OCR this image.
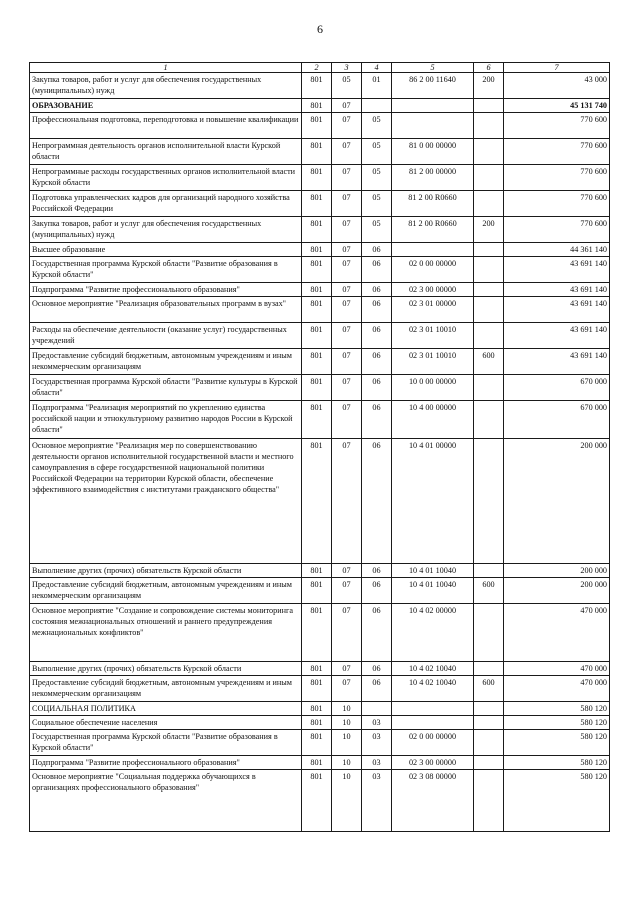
6
1	2	3	4	5	6	7
Закупка товаров, работ и услуг для обеспечения государственных (муниципальных) нужд	801	05	01	86 2 00 11640	200	43 000
ОБРАЗОВАНИЕ	801	07				45 131 740
Профессиональная подготовка, переподготовка и повышение квалификации	801	07	05			770 600
Непрограммная деятельность органов исполнительной власти Курской области	801	07	05	81 0 00 00000		770 600
Непрограммные расходы государственных органов исполнительной власти Курской области	801	07	05	81 2 00 00000		770 600
Подготовка управленческих кадров для организаций народного хозяйства Российской Федерации	801	07	05	81 2 00 R0660		770 600
Закупка товаров, работ и услуг для обеспечения государственных (муниципальных) нужд	801	07	05	81 2 00 R0660	200	770 600
Высшее образование	801	07	06			44 361 140
Государственная программа Курской области "Развитие образования в Курской области"	801	07	06	02 0 00 00000		43 691 140
Подпрограмма "Развитие профессионального образования"	801	07	06	02 3 00 00000		43 691 140
Основное мероприятие "Реализация образовательных программ в вузах"	801	07	06	02 3 01 00000		43 691 140
Расходы на обеспечение деятельности (оказание услуг) государственных учреждений	801	07	06	02 3 01 10010		43 691 140
Предоставление субсидий бюджетным, автономным учреждениям и иным некоммерческим организациям	801	07	06	02 3 01 10010	600	43 691 140
Государственная программа Курской области "Развитие культуры в Курской области"	801	07	06	10 0 00 00000		670 000
Подпрограмма "Реализация мероприятий по укреплению единства российской нации и этнокультурному развитию народов России в Курской области"	801	07	06	10 4 00 00000		670 000
Основное мероприятие "Реализация мер по совершенствованию деятельности органов исполнительной государственной власти и местного самоуправления в сфере государственной национальной политики Российской Федерации на территории Курской области, обеспечение эффективного взаимодействия с институтами гражданского общества"	801	07	06	10 4 01 00000		200 000
Выполнение других (прочих) обязательств Курской области	801	07	06	10 4 01 10040		200 000
Предоставление субсидий бюджетным, автономным учреждениям и иным некоммерческим организациям	801	07	06	10 4 01 10040	600	200 000
Основное мероприятие "Создание и сопровождение системы мониторинга состояния межнациональных отношений и раннего предупреждения межнациональных конфликтов"	801	07	06	10 4 02 00000		470 000
Выполнение других (прочих) обязательств Курской области	801	07	06	10 4 02 10040		470 000
Предоставление субсидий бюджетным, автономным учреждениям и иным некоммерческим организациям	801	07	06	10 4 02 10040	600	470 000
СОЦИАЛЬНАЯ ПОЛИТИКА	801	10				580 120
Социальное обеспечение населения	801	10	03			580 120
Государственная программа Курской области "Развитие образования в Курской области"	801	10	03	02 0 00 00000		580 120
Подпрограмма "Развитие профессионального образования"	801	10	03	02 3 00 00000		580 120
Основное мероприятие "Социальная поддержка обучающихся в организациях профессионального образования"	801	10	03	02 3 08 00000		580 120
